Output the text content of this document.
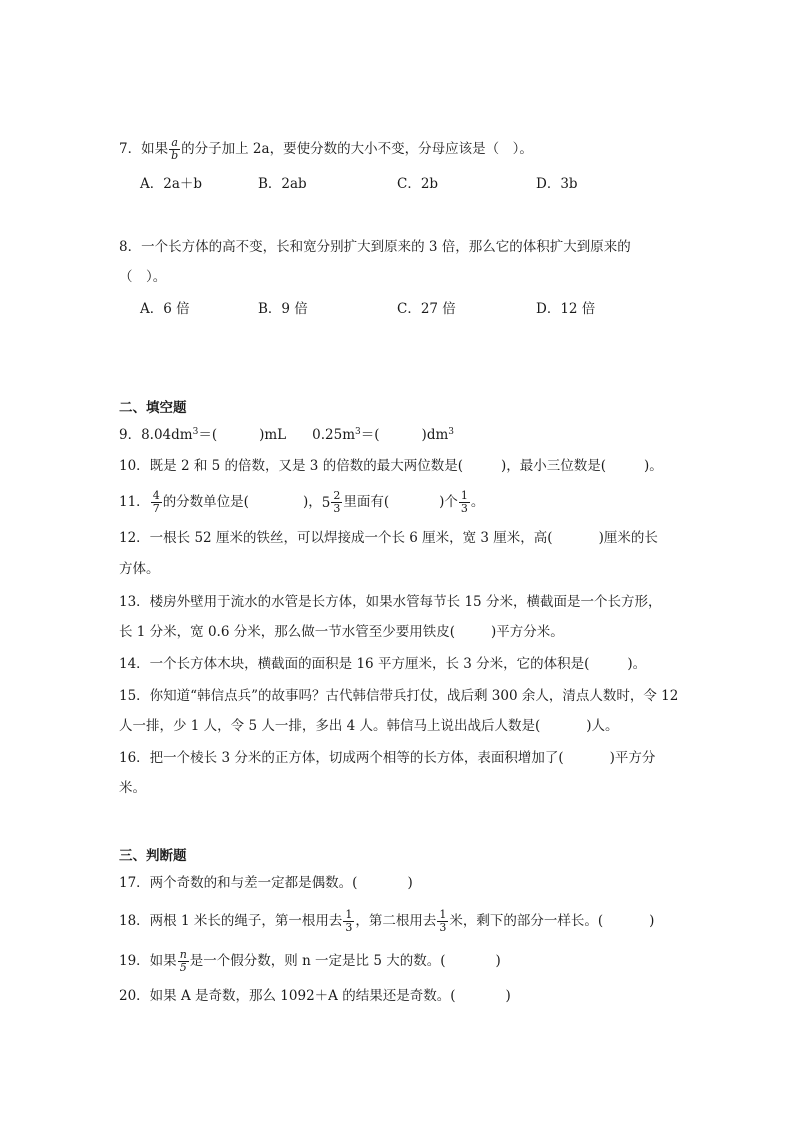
7．如果 $\frac{a}{b}$ 的分子加上 2a，要使分数的大小不变，分母应该是（　）。
A．2a＋b	B．2ab	C．2b	D．3b
8．一个长方体的高不变，长和宽分别扩大到原来的 3 倍，那么它的体积扩大到原来的
（　）。
A．6 倍	B．9 倍	C．27 倍	D．12 倍
二、填空题
9．$8.04dm^3=$(	)mL $0.25m^3=$(	)$dm^3$
10．既是 2 和 5 的倍数，又是 3 的倍数的最大两位数是(	)，最小三位数是(	)。
11． $\frac{4}{7}$ 的分数单位是(	)， $5 \frac{2}{3}$ 里面有(	)个 $\frac{1}{3}$ 。
12．一根长 52 厘米的铁丝，可以焊接成一个长 6 厘米，宽 3 厘米，高(	)厘米的长
方体。
13．楼房外壁用于流水的水管是长方体，如果水管每节长 15 分米，横截面是一个长方形，
长 1 分米，宽 0.6 分米，那么做一节水管至少要用铁皮(	)平方分米。
14．一个长方体木块，横截面的面积是 16 平方厘米，长 3 分米，它的体积是(	)。
15．你知道“韩信点兵”的故事吗？古代韩信带兵打仗，战后剩 300 余人，清点人数时，令 12
人一排，少 1 人，令 5 人一排，多出 4 人。韩信马上说出战后人数是(	)人。
16．把一个棱长 3 分米的正方体，切成两个相等的长方体，表面积增加了(	)平方分
米。
三、判断题
17．两个奇数的和与差一定都是偶数。(	)
18．两根 1 米长的绳子，第一根用去 $\frac{1}{3}$ ，第二根用去 $\frac{1}{3}$ 米，剩下的部分一样长。(	)
19．如果 $\frac{n}{5}$ 是一个假分数，则 n 一定是比 5 大的数。(	)
20．如果 A 是奇数，那么 1092＋A 的结果还是奇数。(	)
